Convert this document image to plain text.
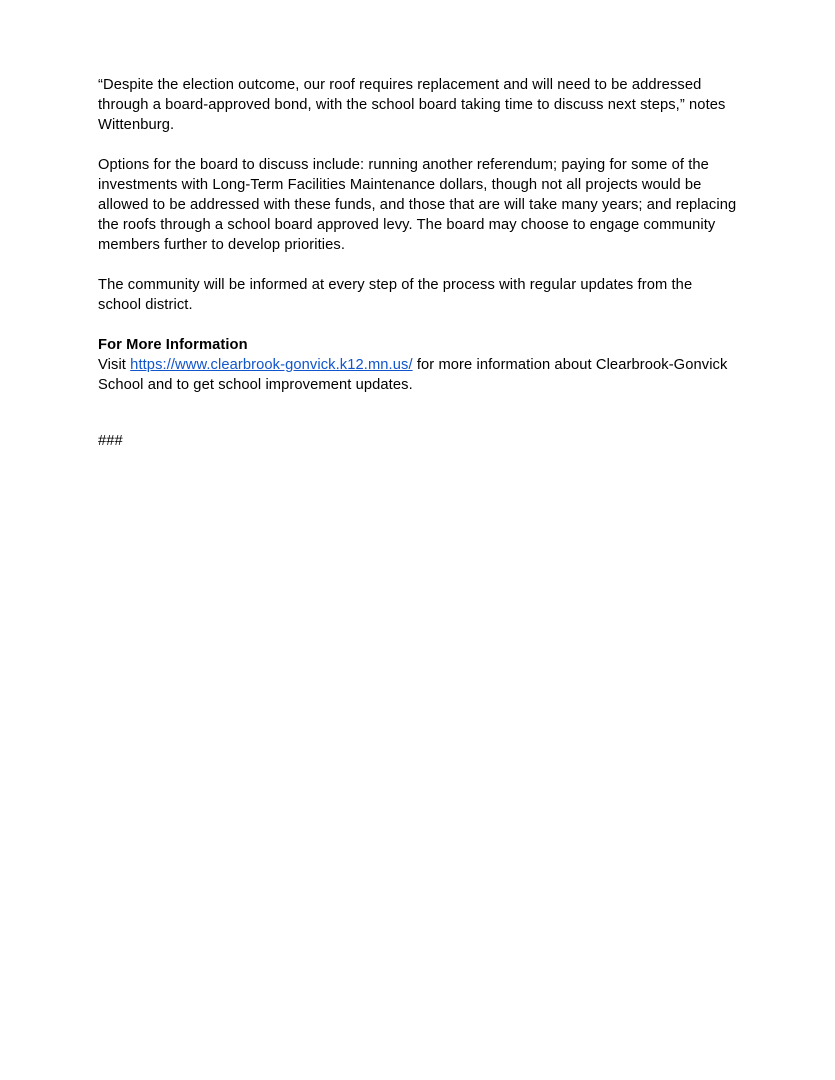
“Despite the election outcome, our roof requires replacement and will need to be addressed through a board-approved bond, with the school board taking time to discuss next steps,” notes Wittenburg.

Options for the board to discuss include: running another referendum; paying for some of the investments with Long-Term Facilities Maintenance dollars, though not all projects would be allowed to be addressed with these funds, and those that are will take many years; and replacing the roofs through a school board approved levy. The board may choose to engage community members further to develop priorities.

The community will be informed at every step of the process with regular updates from the school district.

For More Information

Visit https://www.clearbrook-gonvick.k12.mn.us/ for more information about Clearbrook-Gonvick School and to get school improvement updates.

###
